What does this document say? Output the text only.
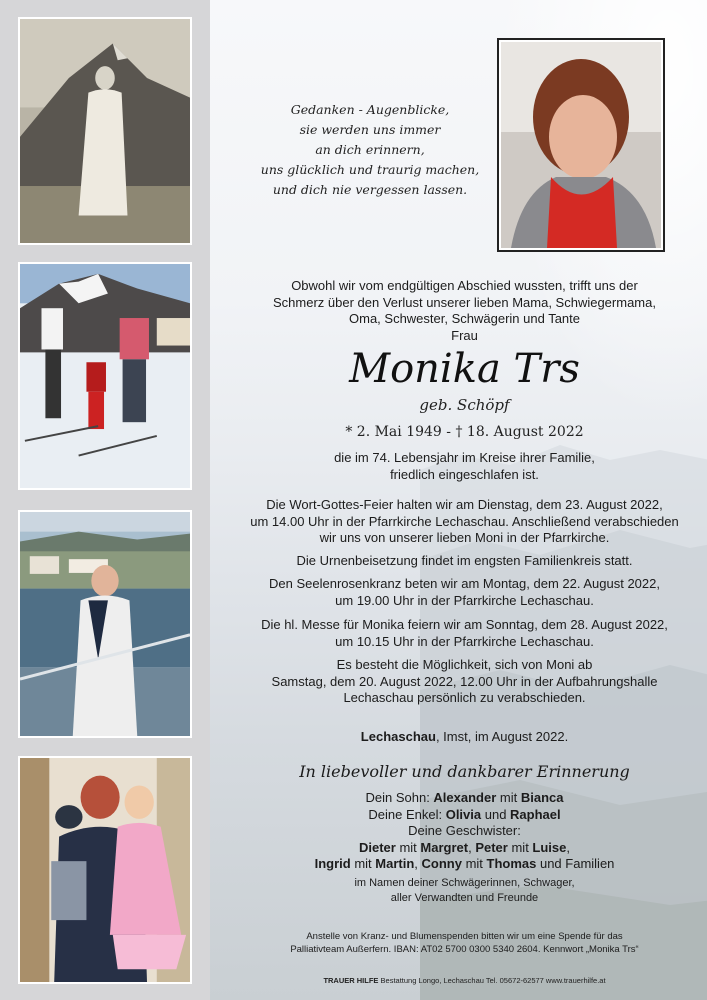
Gedanken - Augenblicke,
sie werden uns immer
an dich erinnern,
uns glücklich und traurig machen,
und dich nie vergessen lassen.
Obwohl wir vom endgültigen Abschied wussten, trifft uns der
Schmerz über den Verlust unserer lieben Mama, Schwiegermama,
Oma, Schwester, Schwägerin und Tante
Frau
Monika Trs
geb. Schöpf
* 2. Mai 1949 - † 18. August 2022
die im 74. Lebensjahr im Kreise ihrer Familie,
friedlich eingeschlafen ist.
Die Wort-Gottes-Feier halten wir am Dienstag, dem 23. August 2022,
um 14.00 Uhr in der Pfarrkirche Lechaschau. Anschließend verabschieden
wir uns von unserer lieben Moni in der Pfarrkirche.
Die Urnenbeisetzung findet im engsten Familienkreis statt.
Den Seelenrosenkranz beten wir am Montag, dem 22. August 2022,
um 19.00 Uhr in der Pfarrkirche Lechaschau.
Die hl. Messe für Monika feiern wir am Sonntag, dem 28. August 2022,
um 10.15 Uhr in der Pfarrkirche Lechaschau.
Es besteht die Möglichkeit, sich von Moni ab
Samstag, dem 20. August 2022, 12.00 Uhr in der Aufbahrungshalle
Lechaschau persönlich zu verabschieden.
Lechaschau, Imst, im August 2022.
In liebevoller und dankbarer Erinnerung
Dein Sohn: Alexander mit Bianca
Deine Enkel: Olivia und Raphael
Deine Geschwister:
Dieter mit Margret, Peter mit Luise,
Ingrid mit Martin, Conny mit Thomas und Familien
im Namen deiner Schwägerinnen, Schwager,
aller Verwandten und Freunde
Anstelle von Kranz- und Blumenspenden bitten wir um eine Spende für das
Palliativteam Außerfern. IBAN: AT02 5700 0300 5340 2604. Kennwort „Monika Trs“
TRAUER HILFE Bestattung Longo, Lechaschau Tel. 05672-62577 www.trauerhilfe.at
